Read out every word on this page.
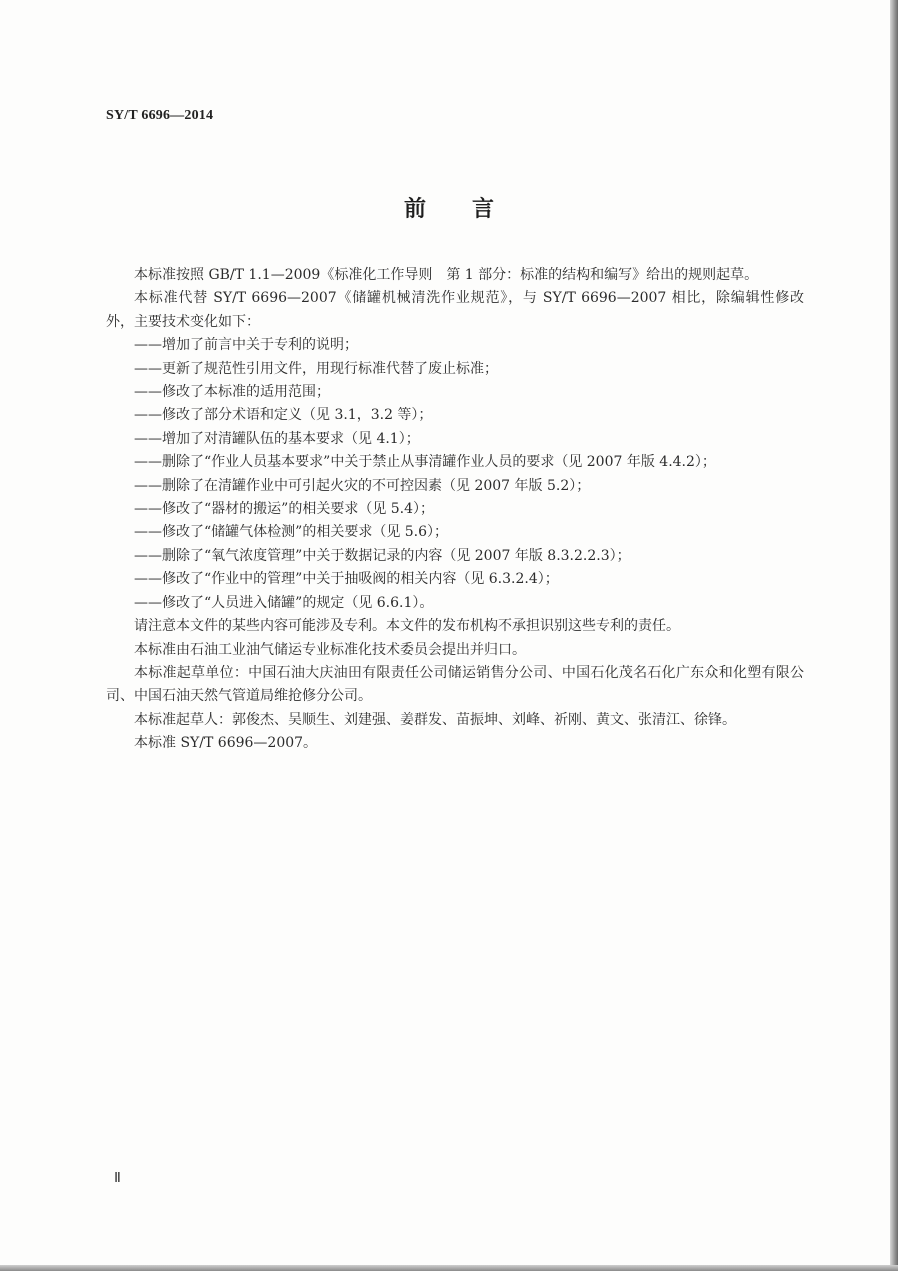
SY/T 6696—2014
前 言

本标准按照 GB/T 1.1—2009《标准化工作导则　第 1 部分：标准的结构和编写》给出的规则起草。

本标准代替 SY/T 6696—2007《储罐机械清洗作业规范》，与 SY/T 6696—2007 相比，除编辑性修改外，主要技术变化如下：

——增加了前言中关于专利的说明；

——更新了规范性引用文件，用现行标准代替了废止标准；

——修改了本标准的适用范围；

——修改了部分术语和定义（见 3.1，3.2 等）；

——增加了对清罐队伍的基本要求（见 4.1）；

——删除了“作业人员基本要求”中关于禁止从事清罐作业人员的要求（见 2007 年版 4.4.2）；

——删除了在清罐作业中可引起火灾的不可控因素（见 2007 年版 5.2）；

——修改了“器材的搬运”的相关要求（见 5.4）；

——修改了“储罐气体检测”的相关要求（见 5.6）；

——删除了“氧气浓度管理”中关于数据记录的内容（见 2007 年版 8.3.2.2.3）；

——修改了“作业中的管理”中关于抽吸阀的相关内容（见 6.3.2.4）；

——修改了“人员进入储罐”的规定（见 6.6.1）。

请注意本文件的某些内容可能涉及专利。本文件的发布机构不承担识别这些专利的责任。

本标准由石油工业油气储运专业标准化技术委员会提出并归口。

本标准起草单位：中国石油大庆油田有限责任公司储运销售分公司、中国石化茂名石化广东众和化塑有限公司、中国石油天然气管道局维抢修分公司。

本标准起草人：郭俊杰、吴顺生、刘建强、姜群发、苗振坤、刘峰、祈刚、黄文、张清江、徐锋。

本标准 SY/T 6696—2007。

Ⅱ
